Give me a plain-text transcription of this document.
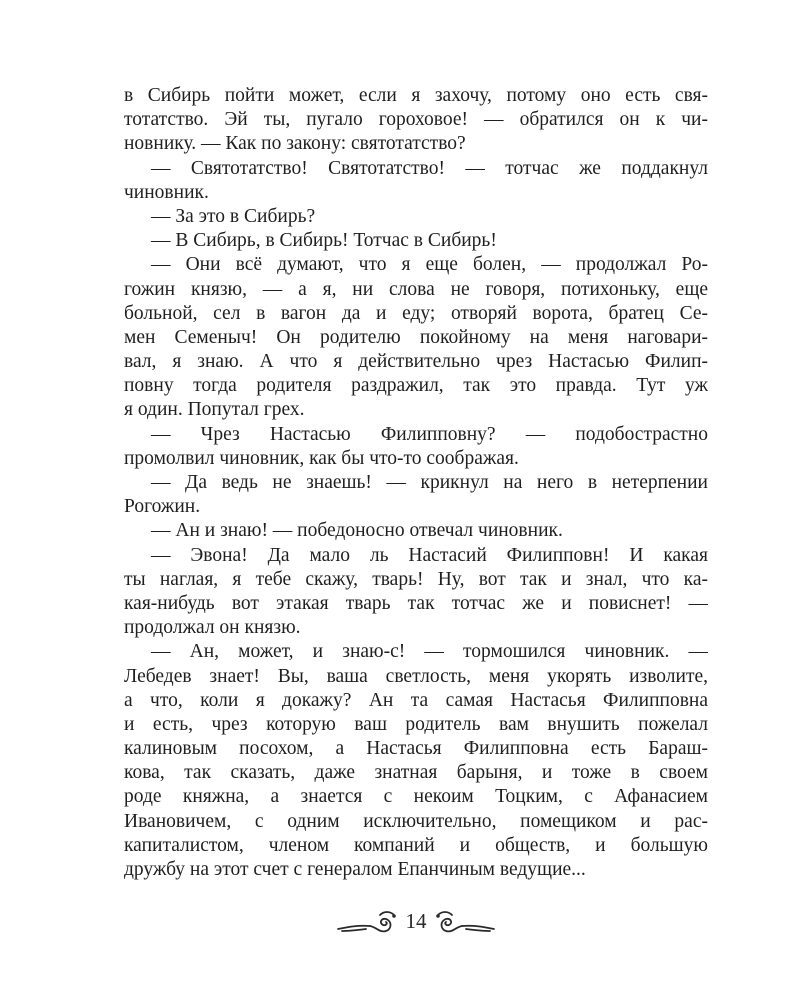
в Сибирь пойти может, если я захочу, потому оно есть свя-
тотатство. Эй ты, пугало гороховое! — обратился он к чи-
новнику. — Как по закону: святотатство?
— Святотатство! Святотатство! — тотчас же поддакнул
чиновник.
— За это в Сибирь?
— В Сибирь, в Сибирь! Тотчас в Сибирь!
— Они всё думают, что я еще болен, — продолжал Ро-
гожин князю, — а я, ни слова не говоря, потихоньку, еще
больной, сел в вагон да и еду; отворяй ворота, братец Се-
мен Семеныч! Он родителю покойному на меня наговари-
вал, я знаю. А что я действительно чрез Настасью Филип-
повну тогда родителя раздражил, так это правда. Тут уж
я один. Попутал грех.
— Чрез Настасью Филипповну? — подобострастно
промолвил чиновник, как бы что-то соображая.
— Да ведь не знаешь! — крикнул на него в нетерпении
Рогожин.
— Ан и знаю! — победоносно отвечал чиновник.
— Эвона! Да мало ль Настасий Филипповн! И какая
ты наглая, я тебе скажу, тварь! Ну, вот так и знал, что ка-
кая-нибудь вот этакая тварь так тотчас же и повиснет! —
продолжал он князю.
— Ан, может, и знаю-с! — тормошился чиновник. —
Лебедев знает! Вы, ваша светлость, меня укорять изволите,
а что, коли я докажу? Ан та самая Настасья Филипповна
и есть, чрез которую ваш родитель вам внушить пожелал
калиновым посохом, а Настасья Филипповна есть Бараш-
кова, так сказать, даже знатная барыня, и тоже в своем
роде княжна, а знается с некоим Тоцким, с Афанасием
Ивановичем, с одним исключительно, помещиком и рас-
капиталистом, членом компаний и обществ, и большую
дружбу на этот счет с генералом Епанчиным ведущие...
14
